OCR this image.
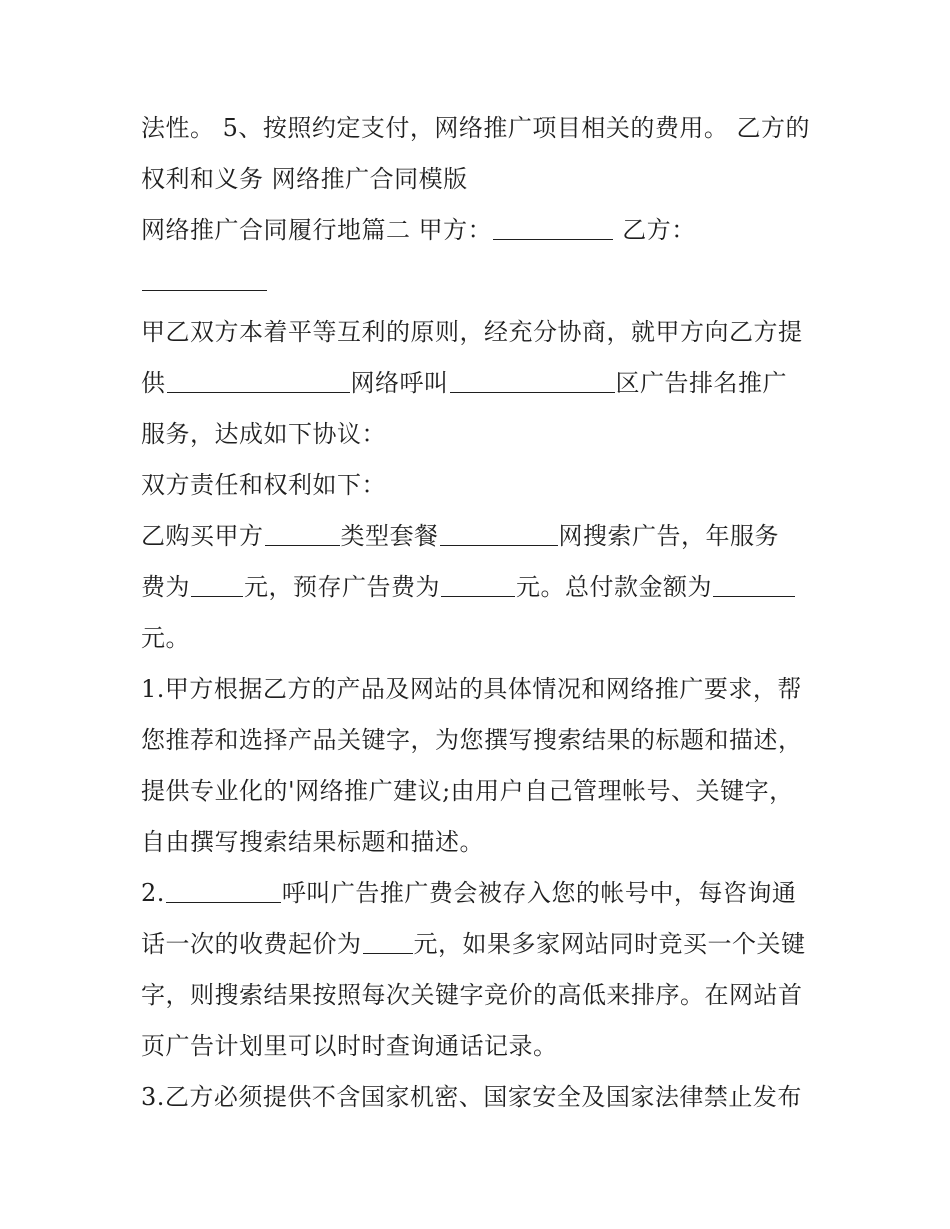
法性。 5、按照约定支付，网络推广项目相关的费用。 乙方的
权利和义务 网络推广合同模版
网络推广合同履行地篇二 甲方：	乙方：
甲乙双方本着平等互利的原则，经充分协商，就甲方向乙方提
供	网络呼叫	区广告排名推广
服务，达成如下协议：
双方责任和权利如下：
乙购买甲方	类型套餐	网搜索广告，年服务
费为 元，预存广告费为	元。总付款金额为
元。
1.甲方根据乙方的产品及网站的具体情况和网络推广要求，帮
您推荐和选择产品关键字，为您撰写搜索结果的标题和描述，
提供专业化的'网络推广建议;由用户自己管理帐号、关键字，
自由撰写搜索结果标题和描述。
2.	呼叫广告推广费会被存入您的帐号中，每咨询通
话一次的收费起价为 元，如果多家网站同时竞买一个关键
字，则搜索结果按照每次关键字竞价的高低来排序。在网站首
页广告计划里可以时时查询通话记录。
3.乙方必须提供不含国家机密、国家安全及国家法律禁止发布
